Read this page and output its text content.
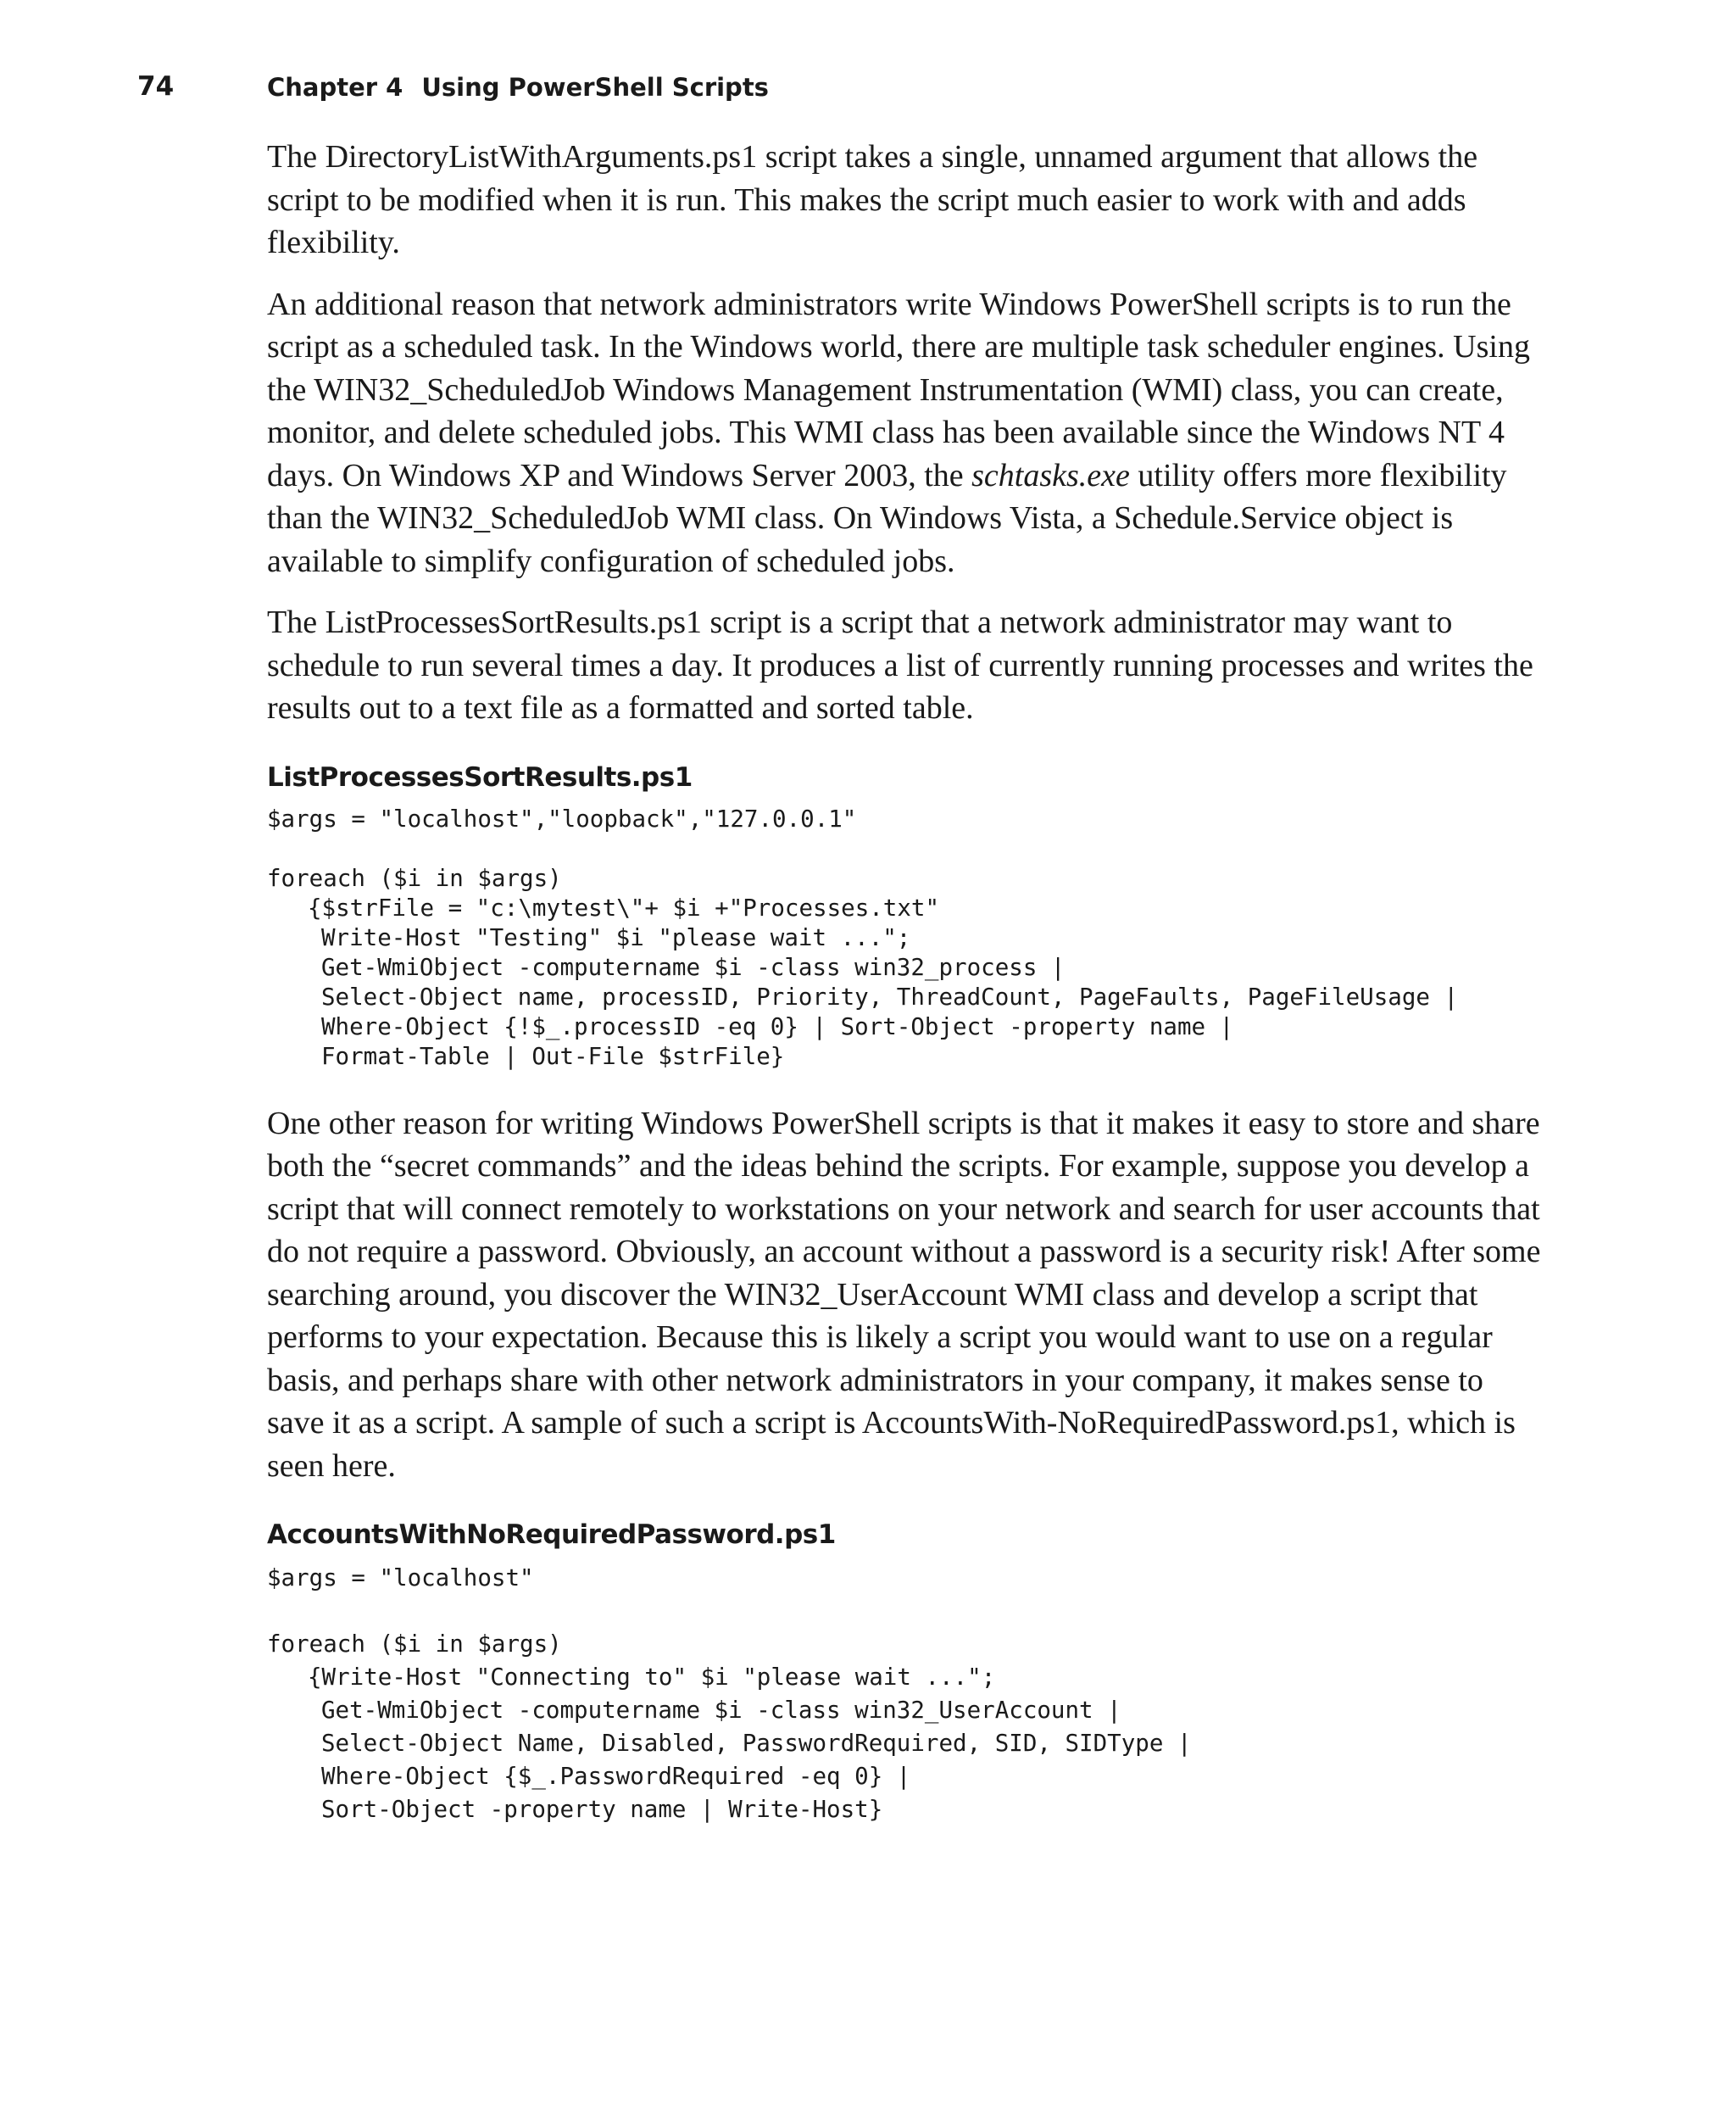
74	Chapter 4 Using PowerShell Scripts

The DirectoryListWithArguments.ps1 script takes a single, unnamed argument that allows the script to be modified when it is run. This makes the script much easier to work with and adds flexibility.

An additional reason that network administrators write Windows PowerShell scripts is to run the script as a scheduled task. In the Windows world, there are multiple task scheduler engines. Using the WIN32_ScheduledJob Windows Management Instrumentation (WMI) class, you can create, monitor, and delete scheduled jobs. This WMI class has been available since the Windows NT 4 days. On Windows XP and Windows Server 2003, the schtasks.exe utility offers more flexibility than the WIN32_ScheduledJob WMI class. On Windows Vista, a Schedule.Service object is available to simplify configuration of scheduled jobs.

The ListProcessesSortResults.ps1 script is a script that a network administrator may want to schedule to run several times a day. It produces a list of currently running processes and writes the results out to a text file as a formatted and sorted table.

ListProcessesSortResults.ps1
$args = "localhost","loopback","127.0.0.1"
foreach ($i in $args)
{$strFile = "c:\mytest\"+ $i +"Processes.txt"
Write-Host "Testing" $i "please wait ...";
Get-WmiObject -computername $i -class win32_process |
Select-Object name, processID, Priority, ThreadCount, PageFaults, PageFileUsage |
Where-Object {!$_.processID -eq 0} | Sort-Object -property name |
Format-Table | Out-File $strFile}

One other reason for writing Windows PowerShell scripts is that it makes it easy to store and share both the “secret commands” and the ideas behind the scripts. For example, suppose you develop a script that will connect remotely to workstations on your network and search for user accounts that do not require a password. Obviously, an account without a password is a security risk! After some searching around, you discover the WIN32_UserAccount WMI class and develop a script that performs to your expectation. Because this is likely a script you would want to use on a regular basis, and perhaps share with other network administrators in your company, it makes sense to save it as a script. A sample of such a script is AccountsWith-NoRequiredPassword.ps1, which is seen here.

AccountsWithNoRequiredPassword.ps1
$args = "localhost"
foreach ($i in $args)
{Write-Host "Connecting to" $i "please wait ...";
Get-WmiObject -computername $i -class win32_UserAccount |
Select-Object Name, Disabled, PasswordRequired, SID, SIDType |
Where-Object {$_.PasswordRequired -eq 0} |
Sort-Object -property name | Write-Host}
